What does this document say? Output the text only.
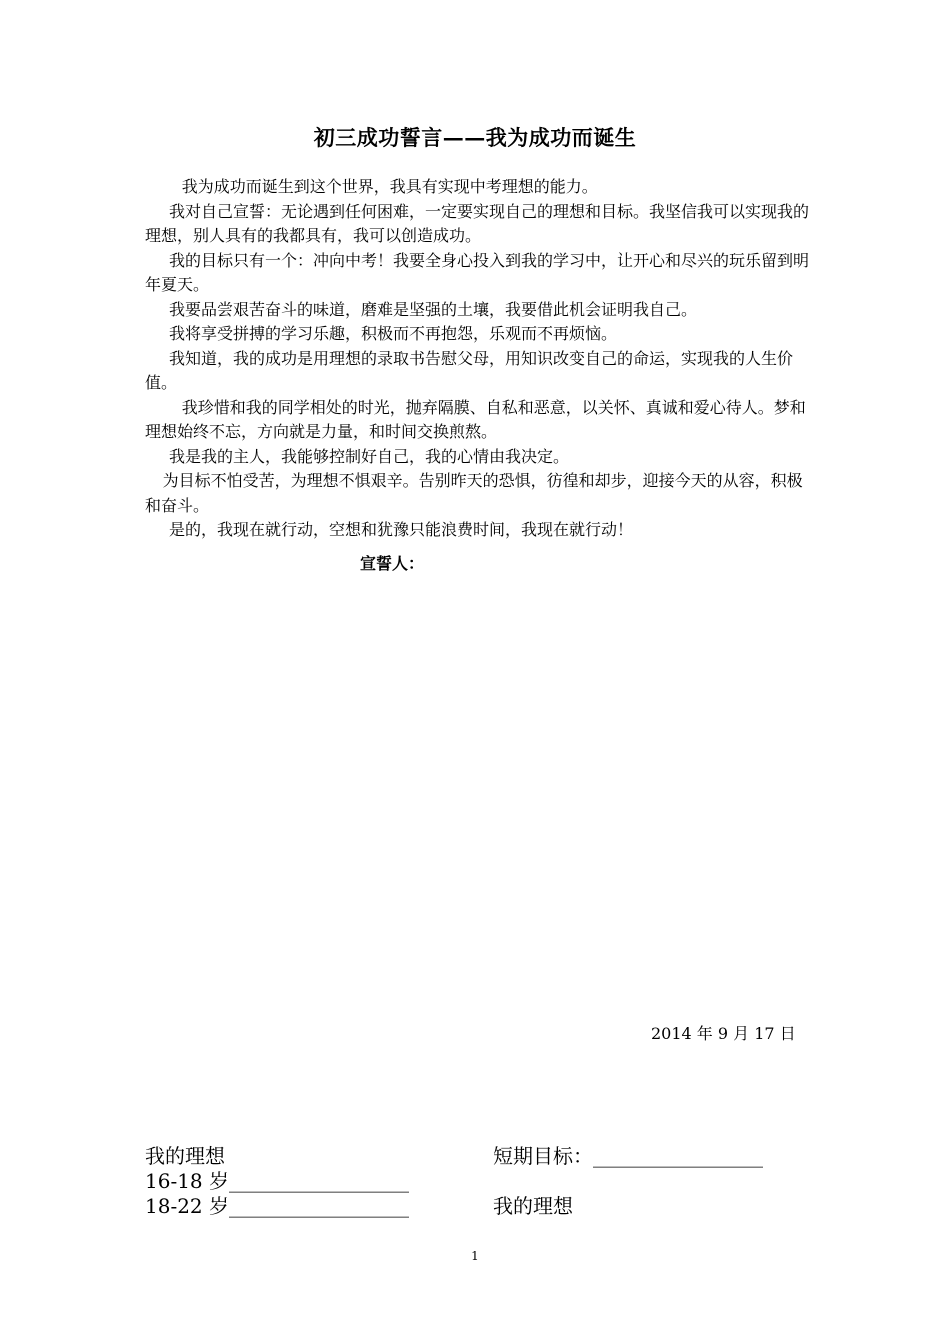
初三成功誓言——我为成功而诞生

我为成功而诞生到这个世界，我具有实现中考理想的能力。

我对自己宣誓：无论遇到任何困难，一定要实现自己的理想和目标。我坚信我可以实现我的理想，别人具有的我都具有，我可以创造成功。

我的目标只有一个：冲向中考！我要全身心投入到我的学习中，让开心和尽兴的玩乐留到明年夏天。

我要品尝艰苦奋斗的味道，磨难是坚强的土壤，我要借此机会证明我自己。

我将享受拼搏的学习乐趣，积极而不再抱怨，乐观而不再烦恼。

我知道，我的成功是用理想的录取书告慰父母，用知识改变自己的命运，实现我的人生价值。

我珍惜和我的同学相处的时光，抛弃隔膜、自私和恶意，以关怀、真诚和爱心待人。梦和理想始终不忘，方向就是力量，和时间交换煎熬。

我是我的主人，我能够控制好自己，我的心情由我决定。

为目标不怕受苦，为理想不惧艰辛。告别昨天的恐惧，彷徨和却步，迎接今天的从容，积极和奋斗。

是的，我现在就行动，空想和犹豫只能浪费时间，我现在就行动！

宣誓人：
2014 年 9 月 17 日
我的理想
16-18 岁__________________
18-22 岁__________________
短期目标：_________________
我的理想
1
